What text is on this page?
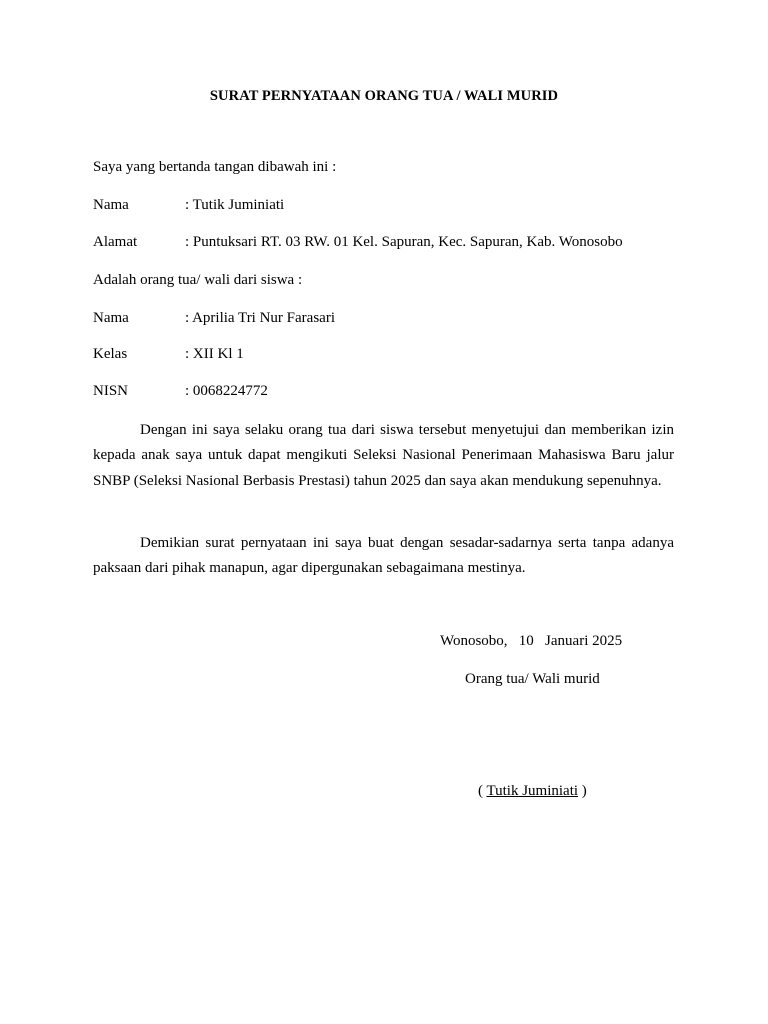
SURAT PERNYATAAN ORANG TUA / WALI MURID
Saya yang bertanda tangan dibawah ini :
Nama	: Tutik Juminiati
Alamat	: Puntuksari RT. 03 RW. 01 Kel. Sapuran, Kec. Sapuran, Kab. Wonosobo
Adalah orang tua/ wali dari siswa :
Nama	: Aprilia Tri Nur Farasari
Kelas	: XII Kl 1
NISN	: 0068224772
Dengan ini saya selaku orang tua dari siswa tersebut menyetujui dan memberikan izin kepada anak saya untuk dapat mengikuti Seleksi Nasional Penerimaan Mahasiswa Baru jalur SNBP (Seleksi Nasional Berbasis Prestasi) tahun 2025 dan saya akan mendukung sepenuhnya.
Demikian surat pernyataan ini saya buat dengan sesadar-sadarnya serta tanpa adanya paksaan dari pihak manapun, agar dipergunakan sebagaimana mestinya.
Wonosobo,   10   Januari 2025
Orang tua/ Wali murid
( Tutik Juminiati )
